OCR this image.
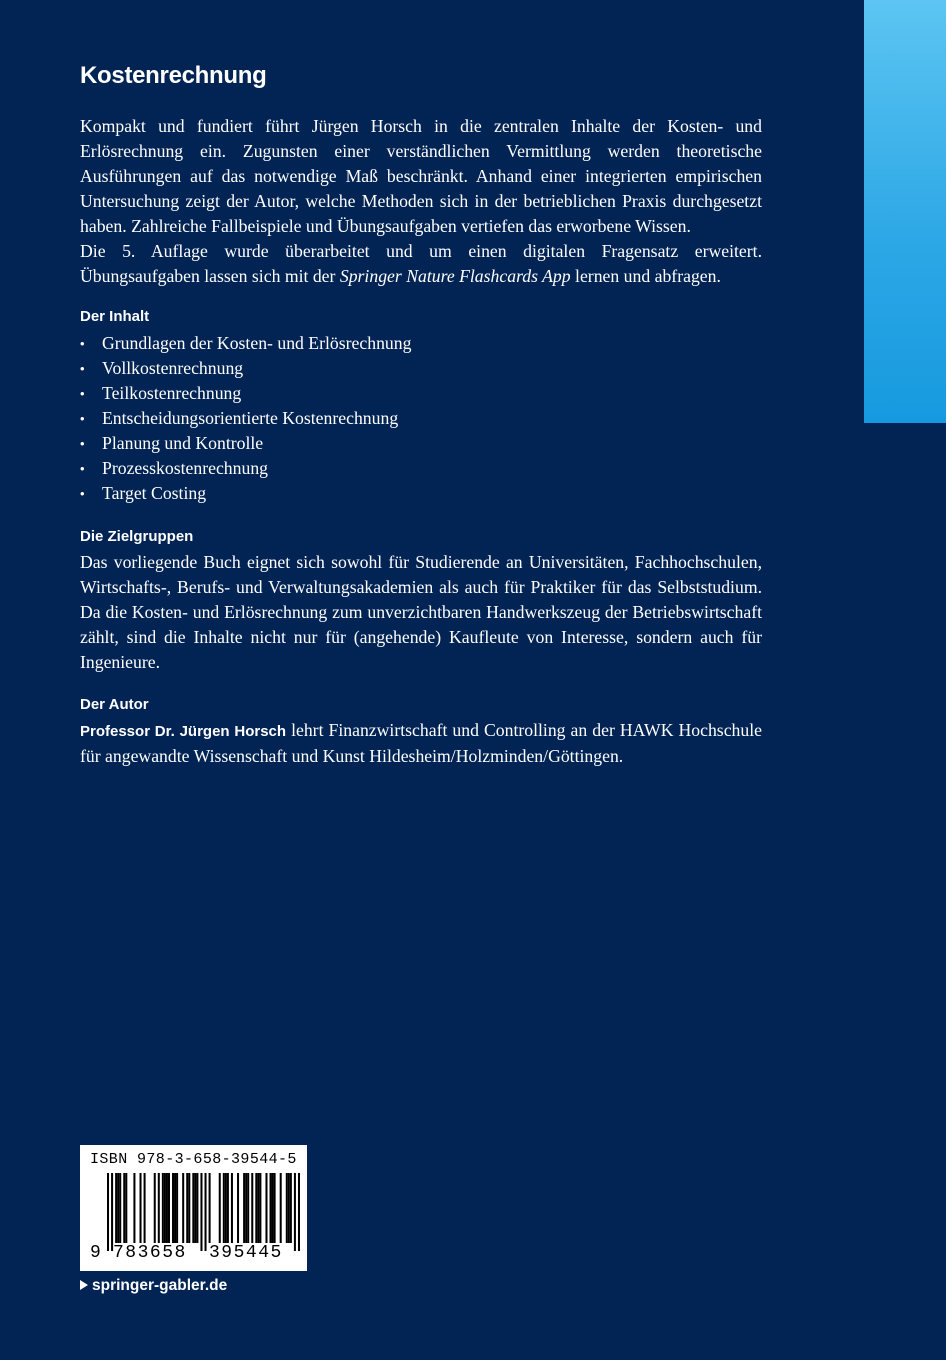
Kostenrechnung

Kompakt und fundiert führt Jürgen Horsch in die zentralen Inhalte der Kosten- und Erlösrechnung ein. Zugunsten einer verständlichen Vermittlung werden theoretische Ausführungen auf das notwendige Maß beschränkt. Anhand einer integrierten empirischen Untersuchung zeigt der Autor, welche Methoden sich in der betrieblichen Praxis durchgesetzt haben. Zahlreiche Fallbeispiele und Übungsaufgaben vertiefen das erworbene Wissen.

Die 5. Auflage wurde überarbeitet und um einen digitalen Fragensatz erweitert. Übungsaufgaben lassen sich mit der Springer Nature Flashcards App lernen und abfragen.

Der Inhalt
• Grundlagen der Kosten- und Erlösrechnung
• Vollkostenrechnung
• Teilkostenrechnung
• Entscheidungsorientierte Kostenrechnung
• Planung und Kontrolle
• Prozesskostenrechnung
• Target Costing
Die Zielgruppen

Das vorliegende Buch eignet sich sowohl für Studierende an Universitäten, Fachhochschulen, Wirtschafts-, Berufs- und Verwaltungsakademien als auch für Praktiker für das Selbststudium. Da die Kosten- und Erlösrechnung zum unverzichtbaren Handwerkszeug der Betriebswirtschaft zählt, sind die Inhalte nicht nur für (angehende) Kaufleute von Interesse, sondern auch für Ingenieure.

Der Autor

Professor Dr. Jürgen Horsch lehrt Finanzwirtschaft und Controlling an der HAWK Hochschule für angewandte Wissenschaft und Kunst Hildesheim/Holzminden/Göttingen.

ISBN 978-3-658-39544-5
9 783658 395445
springer-gabler.de
